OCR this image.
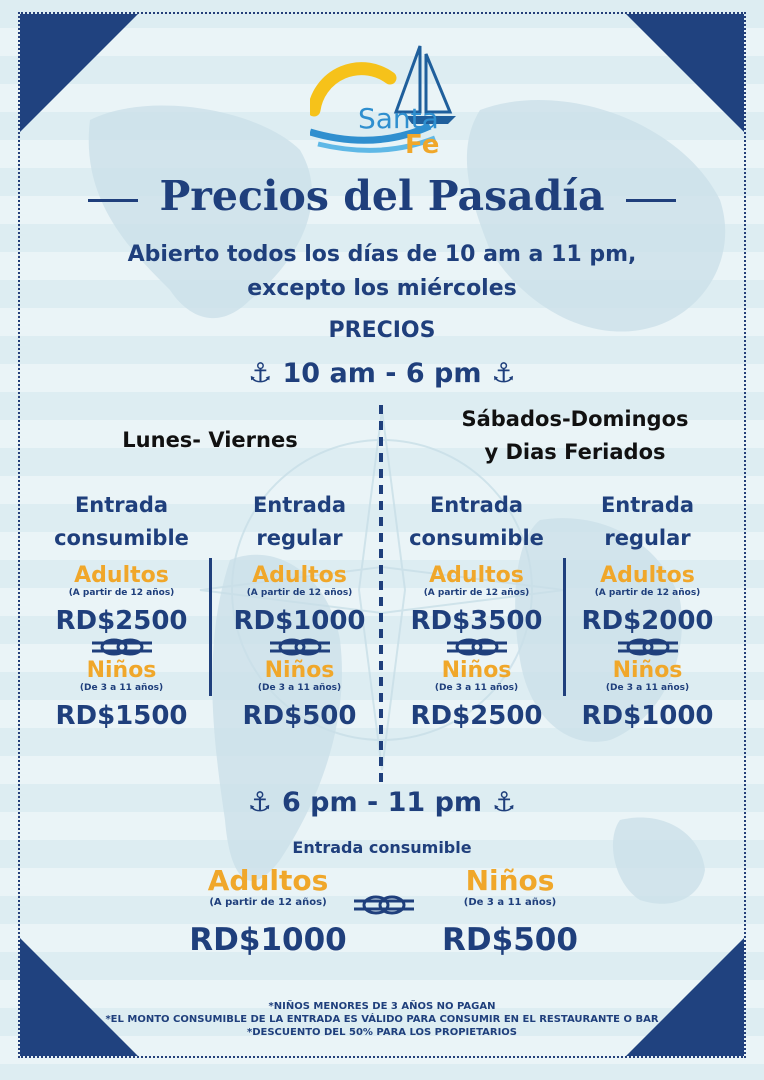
Santa
Fe
Precios del Pasadía
Abierto todos los días de 10 am a 11 pm,
excepto los miércoles
PRECIOS
⚓ 10 am - 6 pm ⚓
Lunes- Viernes
Sábados-Domingos
y Dias Feriados
Entrada
consumible
Adultos
(A partir de 12 años)
RD$2500
Niños
(De 3 a 11 años)
RD$1500
Entrada
regular
Adultos
(A partir de 12 años)
RD$1000
Niños
(De 3 a 11 años)
RD$500
Entrada
consumible
Adultos
(A partir de 12 años)
RD$3500
Niños
(De 3 a 11 años)
RD$2500
Entrada
regular
Adultos
(A partir de 12 años)
RD$2000
Niños
(De 3 a 11 años)
RD$1000
⚓ 6 pm - 11 pm ⚓
Entrada consumible
Adultos
(A partir de 12 años)
RD$1000
Niños
(De 3 a 11 años)
RD$500
*NIÑOS MENORES DE 3 AÑOS NO PAGAN
*EL MONTO CONSUMIBLE DE LA ENTRADA ES VÁLIDO PARA CONSUMIR EN EL RESTAURANTE O BAR
*DESCUENTO DEL 50% PARA LOS PROPIETARIOS
